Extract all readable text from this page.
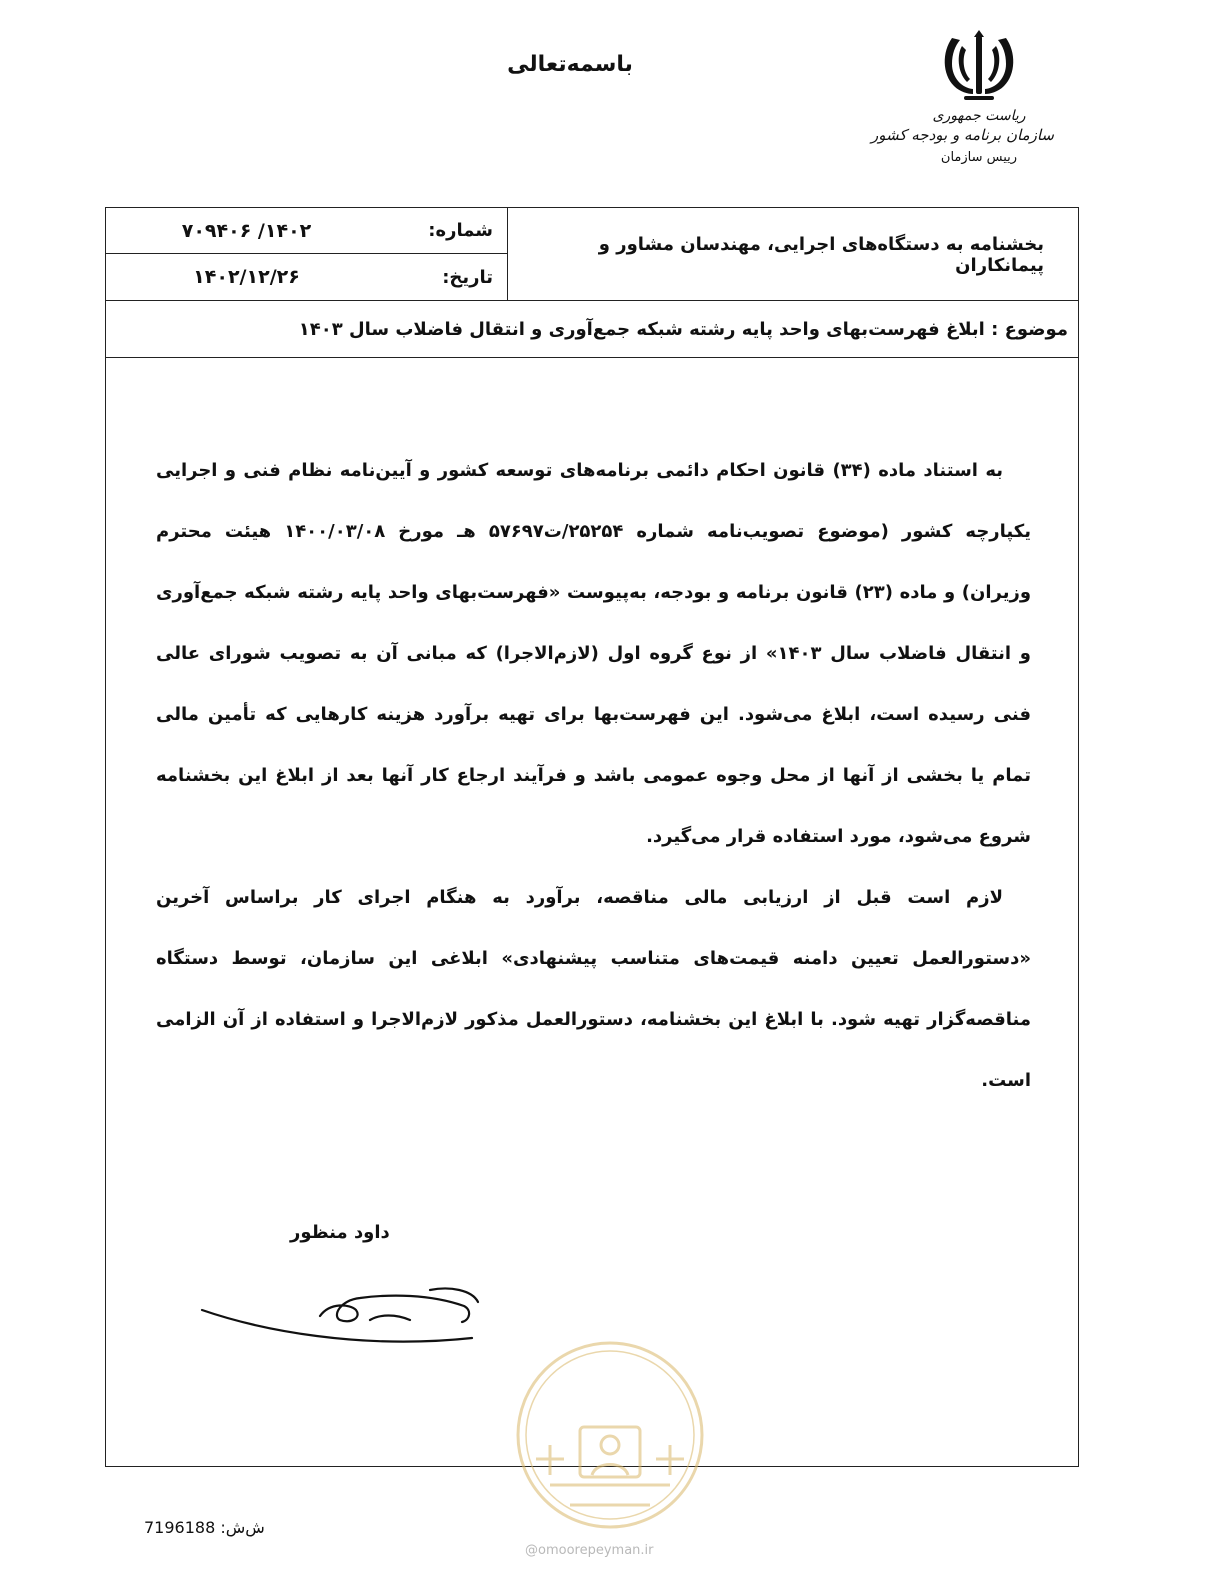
باسمه‌تعالی
ریاست جمهوری
سازمان برنامه و بودجه کشور
رییس سازمان
بخشنامه به دستگاه‌های اجرایی، مهندسان مشاور و پیمانکاران
شماره:
۱۴۰۲/ ۷۰۹۴۰۶
تاریخ:
۱۴۰۲/۱۲/۲۶
موضوع : ابلاغ فهرست‌بهای واحد پایه رشته شبکه جمع‌آوری و انتقال فاضلاب سال ۱۴۰۳

به استناد ماده (۳۴) قانون احکام دائمی برنامه‌های توسعه کشور و آیین‌نامه نظام فنی و اجرایی یکپارچه کشور (موضوع تصویب‌نامه شماره ۲۵۲۵۴/ت۵۷۶۹۷ هـ مورخ ۱۴۰۰/۰۳/۰۸ هیئت محترم وزیران) و ماده (۲۳) قانون برنامه و بودجه، به‌پیوست «فهرست‌بهای واحد پایه رشته شبکه جمع‌آوری و انتقال فاضلاب سال ۱۴۰۳» از نوع گروه اول (لازم‌الاجرا) که مبانی آن به تصویب شورای عالی فنی رسیده است، ابلاغ می‌شود. این فهرست‌بها برای تهیه برآورد هزینه کارهایی که تأمین مالی تمام یا بخشی از آنها از محل وجوه عمومی باشد و فرآیند ارجاع کار آنها بعد از ابلاغ این بخشنامه شروع می‌شود، مورد استفاده قرار می‌گیرد.

لازم است قبل از ارزیابی مالی مناقصه، برآورد به هنگام اجرای کار براساس آخرین «دستورالعمل تعیین دامنه قیمت‌های متناسب پیشنهادی» ابلاغی این سازمان، توسط دستگاه مناقصه‌گزار تهیه شود. با ابلاغ این بخشنامه، دستورالعمل مذکور لازم‌الاجرا و استفاده از آن الزامی است.

داود منظور
@omoorepeyman.ir
ش‌ش: 7196188
